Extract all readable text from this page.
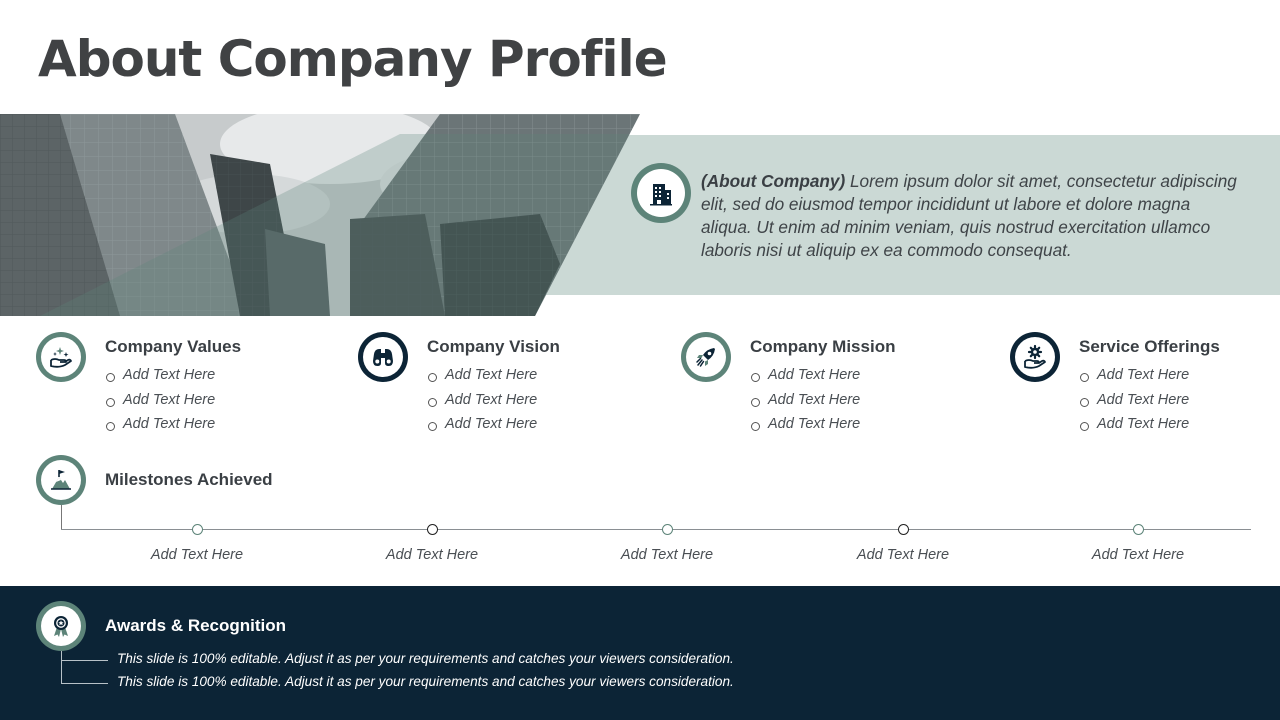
About Company Profile
(About Company) Lorem ipsum dolor sit amet, consectetur adipiscing elit, sed do eiusmod tempor incididunt ut labore et dolore magna aliqua. Ut enim ad minim veniam, quis nostrud exercitation ullamco laboris nisi ut aliquip ex ea commodo consequat.
Company Values
Add Text Here
Add Text Here
Add Text Here
Company Vision
Add Text Here
Add Text Here
Add Text Here
Company Mission
Add Text Here
Add Text Here
Add Text Here
Service Offerings
Add Text Here
Add Text Here
Add Text Here
Milestones Achieved
Add Text Here	Add Text Here	Add Text Here	Add Text Here	Add Text Here
Awards & Recognition
This slide is 100% editable. Adjust it as per your requirements and catches your viewers consideration.
This slide is 100% editable. Adjust it as per your requirements and catches your viewers consideration.
